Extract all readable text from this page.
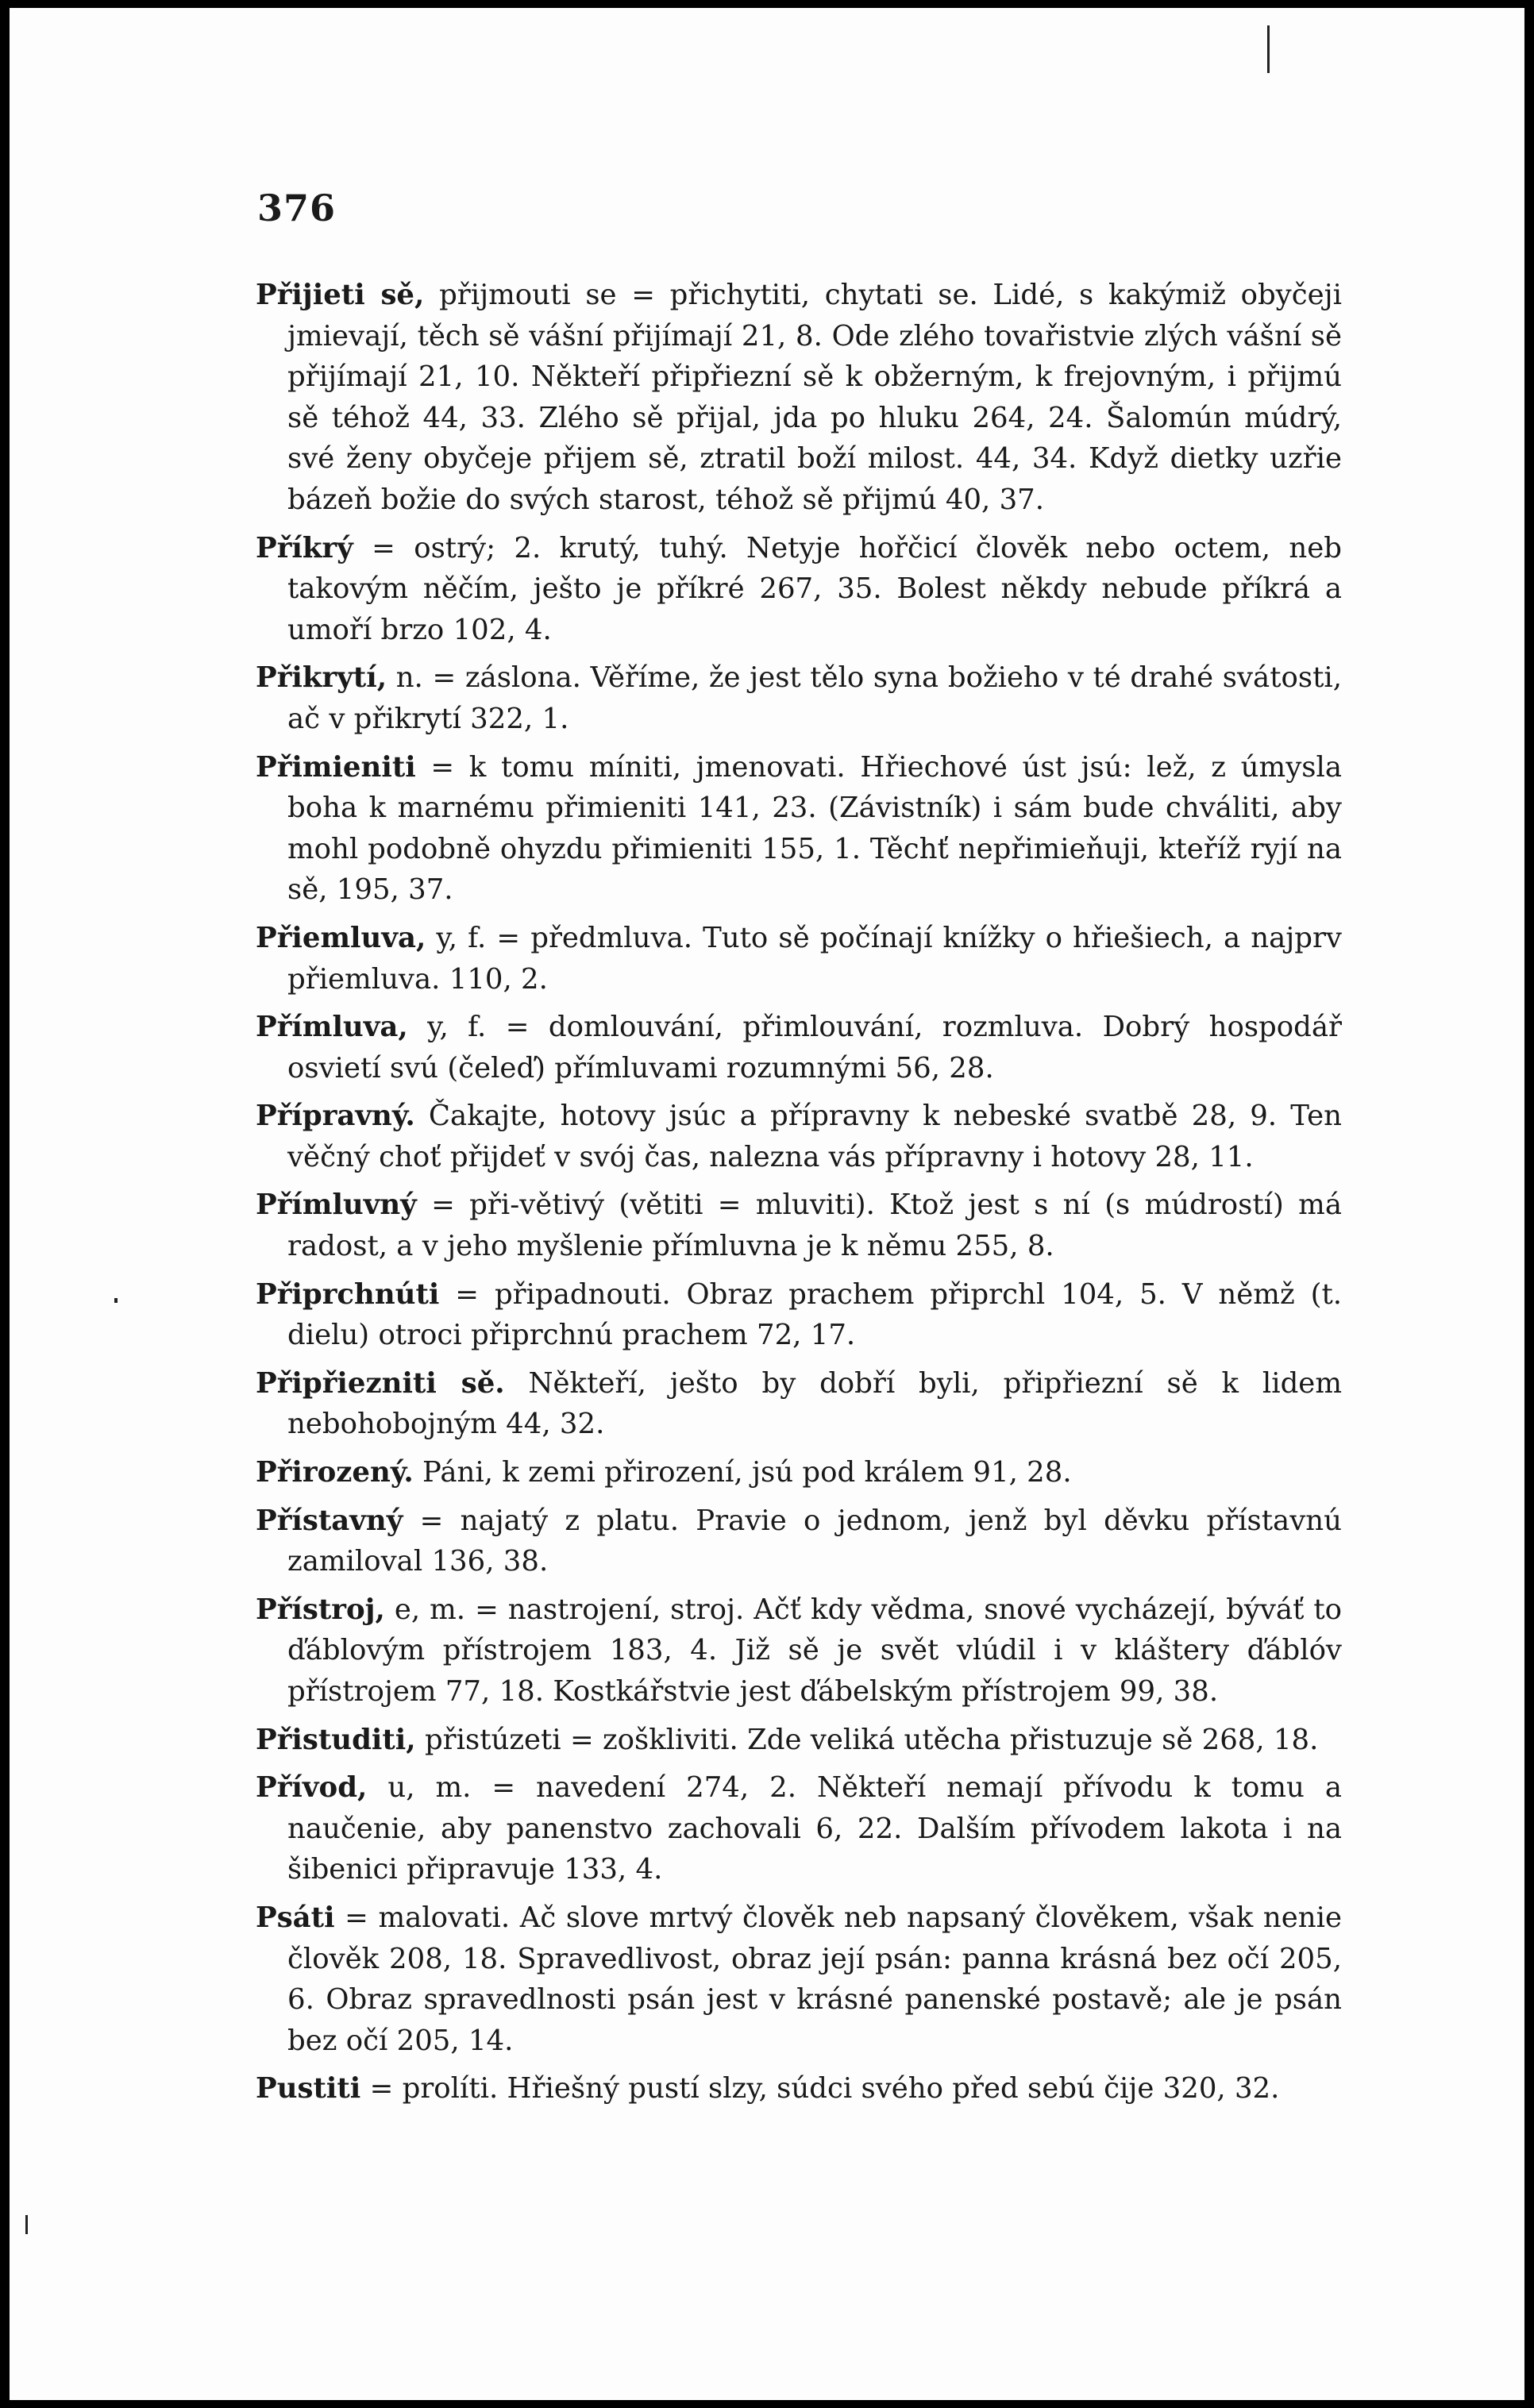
376

Přijieti sě, přijmouti se = přichytiti, chytati se. Lidé, s kakýmiž obyčeji jmievají, těch sě vášní přijímají 21, 8. Ode zlého tovařistvie zlých vášní sě přijímají 21, 10. Někteří připřiezní sě k obžerným, k frejovným, i přijmú sě téhož 44, 33. Zlého sě přijal, jda po hluku 264, 24. Šalomún múdrý, své ženy obyčeje přijem sě, ztratil boží milost. 44, 34. Když dietky uzřie bázeň božie do svých starost, téhož sě přijmú 40, 37.

Příkrý = ostrý; 2. krutý, tuhý. Netyje hořčicí člověk nebo octem, neb takovým něčím, ješto je příkré 267, 35. Bolest někdy nebude příkrá a umoří brzo 102, 4.

Přikrytí, n. = záslona. Věříme, že jest tělo syna božieho v té drahé svátosti, ač v přikrytí 322, 1.

Přimieniti = k tomu míniti, jmenovati. Hřiechové úst jsú: lež, z úmysla boha k marnému přimieniti 141, 23. (Závistník) i sám bude chváliti, aby mohl podobně ohyzdu přimieniti 155, 1. Těchť nepřimieňuji, kteříž ryjí na sě, 195, 37.

Přiemluva, y, f. = předmluva. Tuto sě počínají knížky o hřiešiech, a najprv přiemluva. 110, 2.

Přímluva, y, f. = domlouvání, přimlouvání, rozmluva. Dobrý hospodář osvietí svú (čeleď) přímluvami rozumnými 56, 28.

Přípravný. Čakajte, hotovy jsúc a přípravny k nebeské svatbě 28, 9. Ten věčný choť přijdeť v svój čas, nalezna vás přípravny i hotovy 28, 11.

Přímluvný = při-větivý (větiti = mluviti). Ktož jest s ní (s múdrostí) má radost, a v jeho myšlenie přímluvna je k němu 255, 8.

Připrchnúti = připadnouti. Obraz prachem připrchl 104, 5. V němž (t. dielu) otroci připrchnú prachem 72, 17.

Připřiezniti sě. Někteří, ješto by dobří byli, připřiezní sě k lidem nebohobojným 44, 32.

Přirozený. Páni, k zemi přirození, jsú pod králem 91, 28.

Přístavný = najatý z platu. Pravie o jednom, jenž byl děvku přístavnú zamiloval 136, 38.

Přístroj, e, m. = nastrojení, stroj. Ačť kdy vědma, snové vycházejí, býváť to ďáblovým přístrojem 183, 4. Již sě je svět vlúdil i v kláštery ďáblóv přístrojem 77, 18. Kostkářstvie jest ďábelským přístrojem 99, 38.

Přistuditi, přistúzeti = zoškliviti. Zde veliká utěcha přistuzuje sě 268, 18.

Přívod, u, m. = navedení 274, 2. Někteří nemají přívodu k tomu a naučenie, aby panenstvo zachovali 6, 22. Dalším přívodem lakota i na šibenici připravuje 133, 4.

Psáti = malovati. Ač slove mrtvý člověk neb napsaný člověkem, však nenie člověk 208, 18. Spravedlivost, obraz její psán: panna krásná bez očí 205, 6. Obraz spravedlnosti psán jest v krásné panenské postavě; ale je psán bez očí 205, 14.

Pustiti = prolíti. Hřiešný pustí slzy, súdci svého před sebú čije 320, 32.
